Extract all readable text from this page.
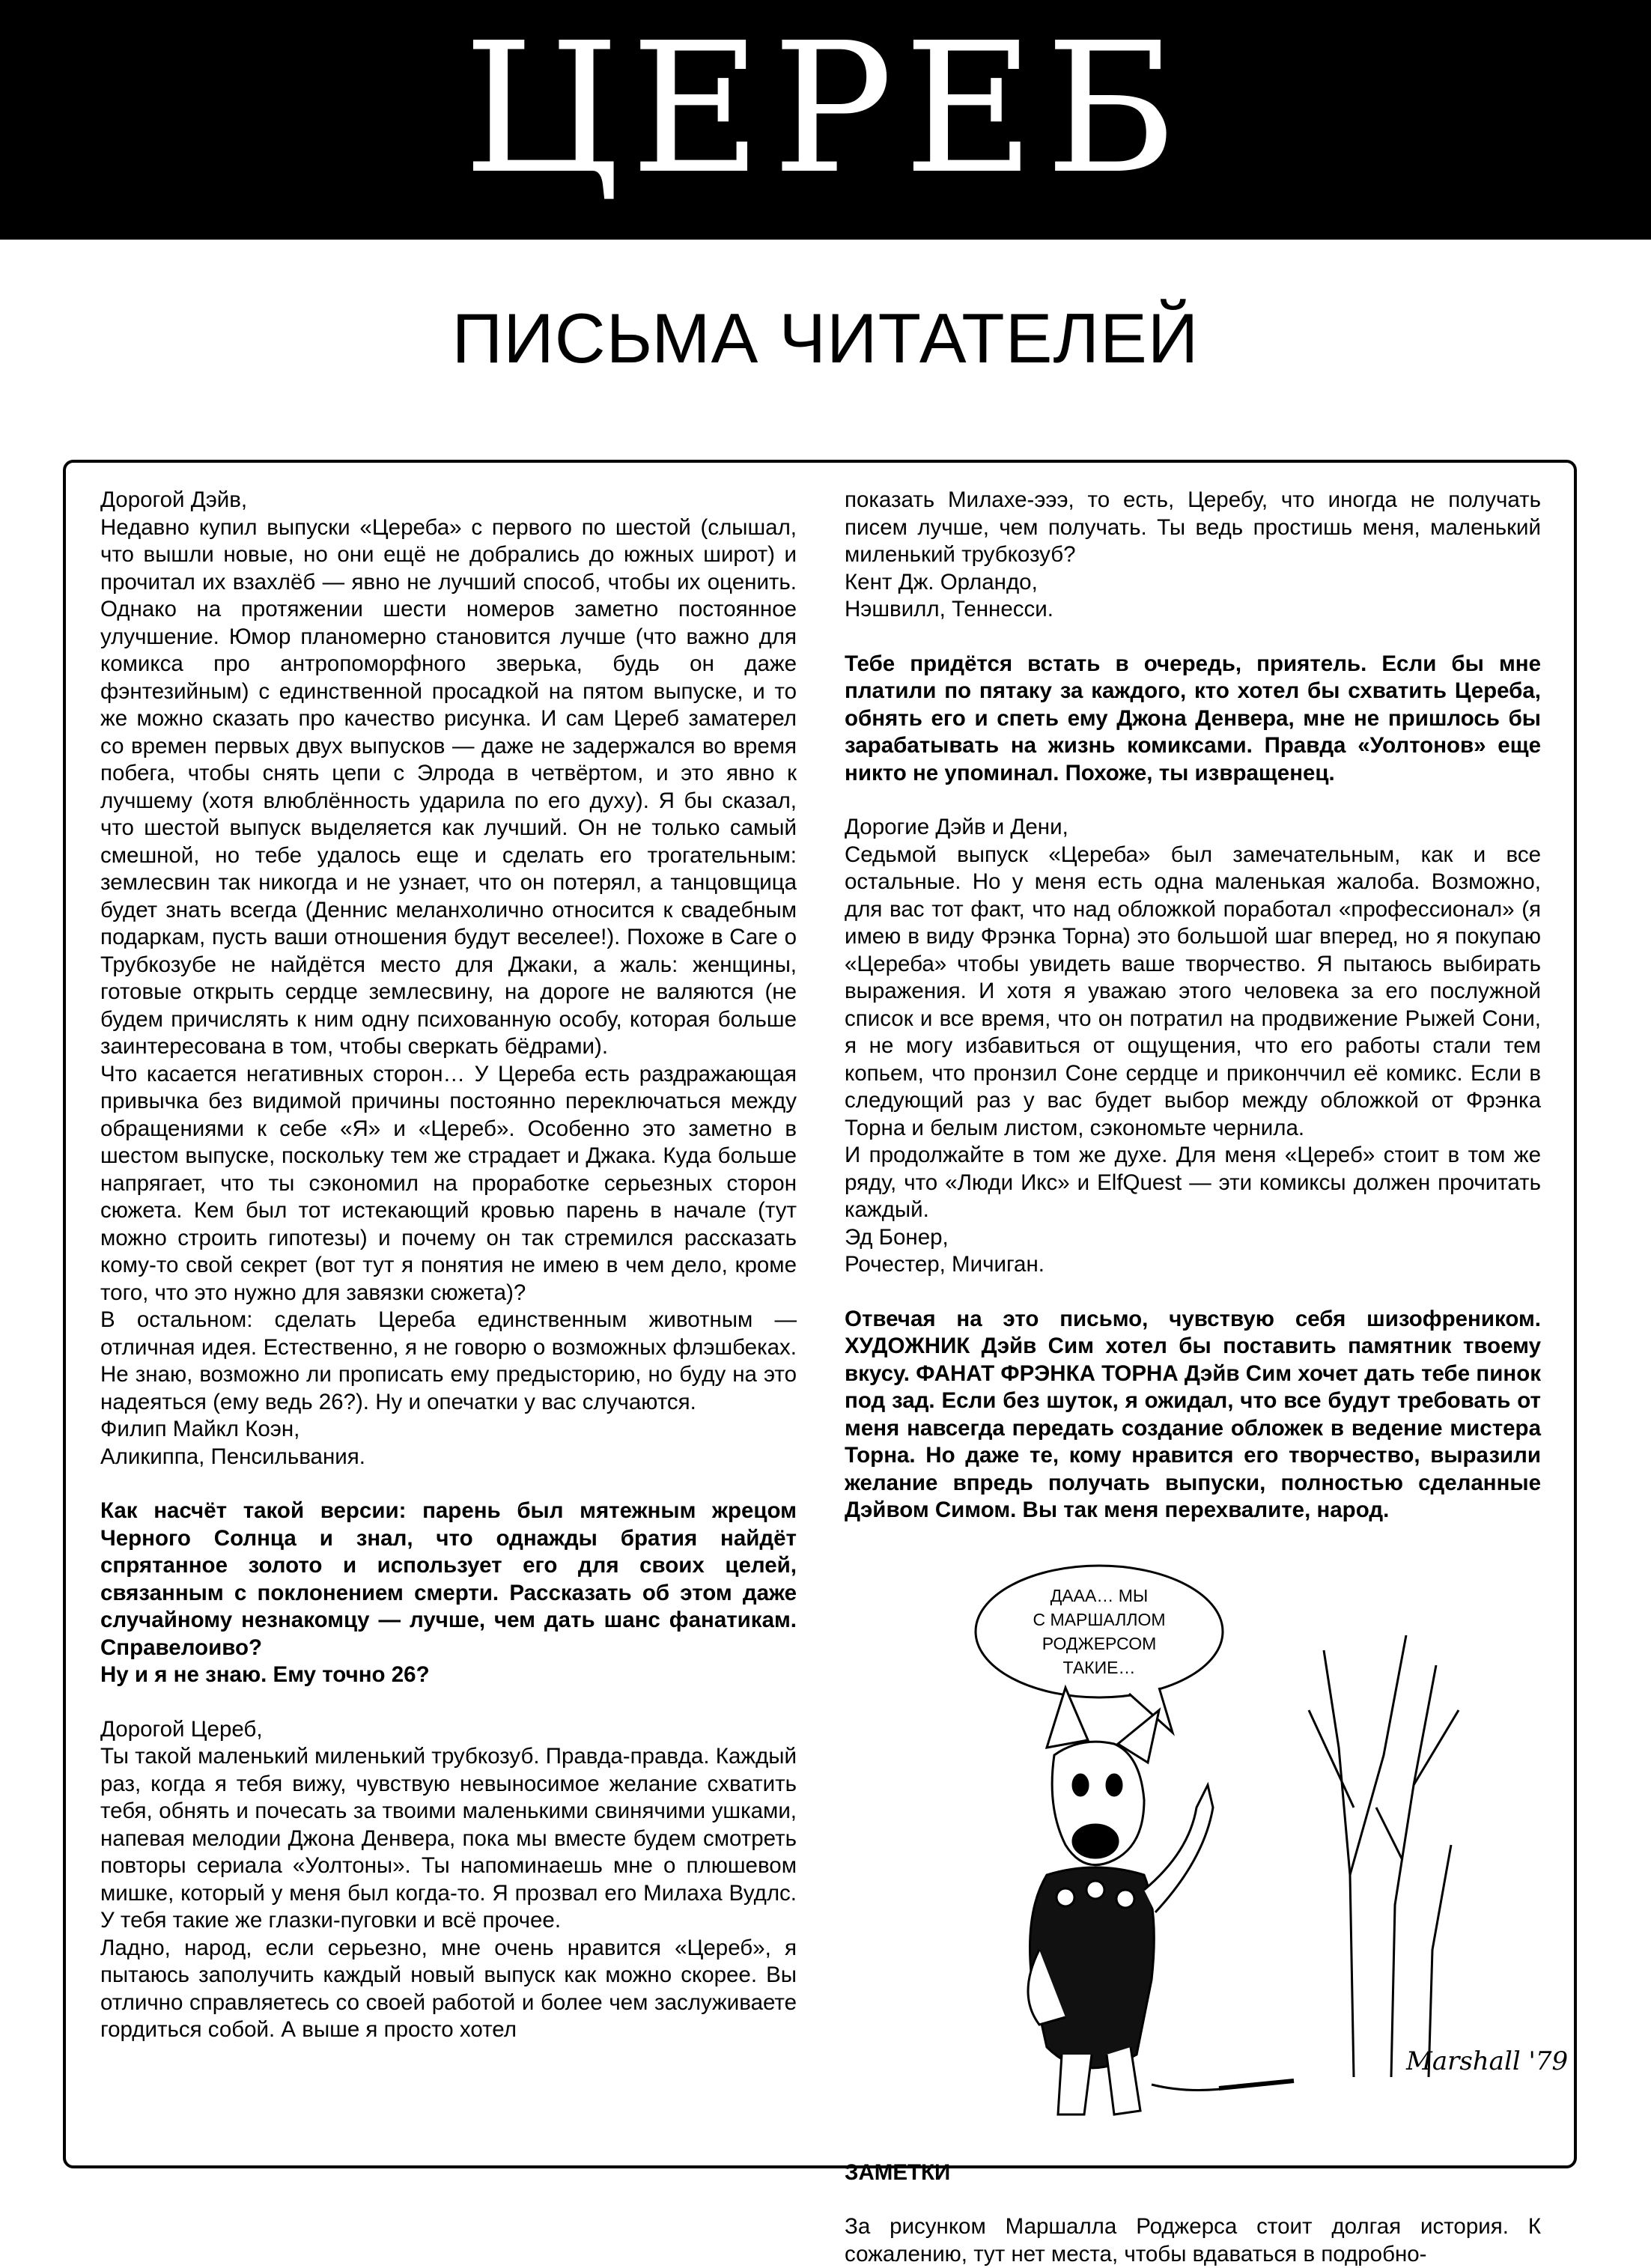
ЦЕРЕБ
ПИСЬМА ЧИТАТЕЛЕЙ

Дорогой Дэйв,

Недавно купил выпуски «Цереба» с первого по шестой (слышал, что вышли новые, но они ещё не добрались до южных широт) и прочитал их взахлёб — явно не лучший способ, чтобы их оценить. Однако на протяжении шести номеров заметно постоянное улучшение. Юмор планомерно становится лучше (что важно для комикса про антропоморфного зверька, будь он даже фэнтезийным) с единственной просадкой на пятом выпуске, и то же можно сказать про качество рисунка. И сам Цереб заматерел со времен первых двух выпусков — даже не задержался во время побега, чтобы снять цепи с Элрода в четвёртом, и это явно к лучшему (хотя влюблённость ударила по его духу). Я бы сказал, что шестой выпуск выделяется как лучший. Он не только самый смешной, но тебе удалось еще и сделать его трогательным: землесвин так никогда и не узнает, что он потерял, а танцовщица будет знать всегда (Деннис меланхолично относится к свадебным подаркам, пусть ваши отношения будут веселее!). Похоже в Саге о Трубкозубе не найдётся место для Джаки, а жаль: женщины, готовые открыть сердце землесвину, на дороге не валяются (не будем причислять к ним одну психованную особу, которая больше заинтересована в том, чтобы сверкать бёдрами).

Что касается негативных сторон… У Цереба есть раздражающая привычка без видимой причины постоянно переключаться между обращениями к себе «Я» и «Цереб». Особенно это заметно в шестом выпуске, поскольку тем же страдает и Джака. Куда больше напрягает, что ты сэкономил на проработке серьезных сторон сюжета. Кем был тот истекающий кровью парень в начале (тут можно строить гипотезы) и почему он так стремился рассказать кому-то свой секрет (вот тут я понятия не имею в чем дело, кроме того, что это нужно для завязки сюжета)?

В остальном: сделать Цереба единственным животным — отличная идея. Естественно, я не говорю о возможных флэшбеках. Не знаю, возможно ли прописать ему предысторию, но буду на это надеяться (ему ведь 26?). Ну и опечатки у вас случаются.

Филип Майкл Коэн,

Аликиппа, Пенсильвания.

Как насчёт такой версии: парень был мятежным жрецом Черного Солнца и знал, что однажды братия найдёт спрятанное золото и использует его для своих целей, связанным с поклонением смерти. Рассказать об этом даже случайному незнакомцу — лучше, чем дать шанс фанатикам. Справелоиво?

Ну и я не знаю. Ему точно 26?

Дорогой Цереб,

Ты такой маленький миленький трубкозуб. Правда-правда. Каждый раз, когда я тебя вижу, чувствую невыносимое желание схватить тебя, обнять и почесать за твоими маленькими свинячими ушками, напевая мелодии Джона Денвера, пока мы вместе будем смотреть повторы сериала «Уолтоны». Ты напоминаешь мне о плюшевом мишке, который у меня был когда-то. Я прозвал его Милаха Вудлс. У тебя такие же глазки-пуговки и всё прочее.

Ладно, народ, если серьезно, мне очень нравится «Цереб», я пытаюсь заполучить каждый новый выпуск как можно скорее. Вы отлично справляетесь со своей работой и более чем заслуживаете гордиться собой. А выше я просто хотел

показать Милахе-эээ, то есть, Церебу, что иногда не получать писем лучше, чем получать. Ты ведь простишь меня, маленький миленький трубкозуб?

Кент Дж. Орландо,

Нэшвилл, Теннесси.

Тебе придётся встать в очередь, приятель. Если бы мне платили по пятаку за каждого, кто хотел бы схватить Цереба, обнять его и спеть ему Джона Денвера, мне не пришлось бы зарабатывать на жизнь комиксами. Правда «Уолтонов» еще никто не упоминал. Похоже, ты извращенец.

Дорогие Дэйв и Дени,

Седьмой выпуск «Цереба» был замечательным, как и все остальные. Но у меня есть одна маленькая жалоба. Возможно, для вас тот факт, что над обложкой поработал «профессионал» (я имею в виду Фрэнка Торна) это большой шаг вперед, но я покупаю «Цереба» чтобы увидеть ваше творчество. Я пытаюсь выбирать выражения. И хотя я уважаю этого человека за его послужной список и все время, что он потратил на продвижение Рыжей Сони, я не могу избавиться от ощущения, что его работы стали тем копьем, что пронзил Соне сердце и приконччил её комикс. Если в следующий раз у вас будет выбор между обложкой от Фрэнка Торна и белым листом, сэкономьте чернила.

И продолжайте в том же духе. Для меня «Цереб» стоит в том же ряду, что «Люди Икс» и ElfQuest — эти комиксы должен прочитать каждый.

Эд Бонер,

Рочестер, Мичиган.

Отвечая на это письмо, чувствую себя шизофреником. ХУДОЖНИК Дэйв Сим хотел бы поставить памятник твоему вкусу. ФАНАТ ФРЭНКА ТОРНА Дэйв Сим хочет дать тебе пинок под зад. Если без шуток, я ожидал, что все будут требовать от меня навсегда передать создание обложек в ведение мистера Торна. Но даже те, кому нравится его творчество, выразили желание впредь получать выпуски, полностью сделанные Дэйвом Симом. Вы так меня перехвалите, народ.

ДААА… МЫ
С МАРШАЛЛОМ
РОДЖЕРСОМ
ТАКИЕ…
Marshall '79

ЗАМЕТКИ

За рисунком Маршалла Роджерса стоит долгая история. К сожалению, тут нет места, чтобы вдаваться в подробно-
